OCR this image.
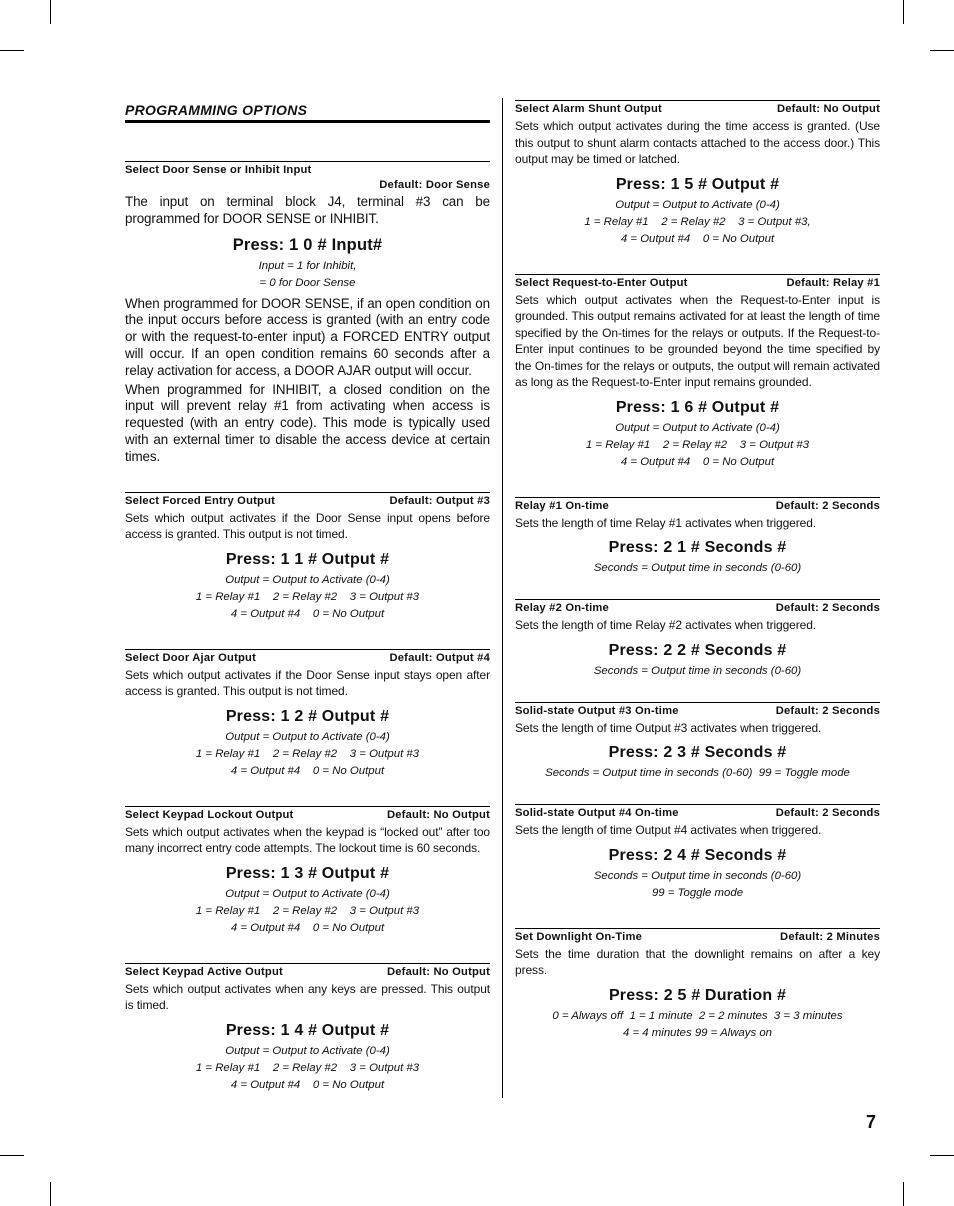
PROGRAMMING OPTIONS
Select Door Sense or Inhibit Input
Default: Door Sense

The input on terminal block J4, terminal #3 can be programmed for DOOR SENSE or INHIBIT.

Press: 1 0 # Input#
Input = 1 for Inhibit,
= 0 for Door Sense

When programmed for DOOR SENSE, if an open condition on the input occurs before access is granted (with an entry code or with the request-to-enter input) a FORCED ENTRY output will occur. If an open condition remains 60 seconds after a relay activation for access, a DOOR AJAR output will occur.

When programmed for INHIBIT, a closed condition on the input will prevent relay #1 from activating when access is requested (with an entry code). This mode is typically used with an external timer to disable the access device at certain times.

Select Forced Entry Output	Default: Output #3

Sets which output activates if the Door Sense input opens before access is granted. This output is not timed.

Press: 1 1 # Output #
Output = Output to Activate (0-4)
1 = Relay #1    2 = Relay #2    3 = Output #3
4 = Output #4    0 = No Output
Select Door Ajar Output	Default: Output #4

Sets which output activates if the Door Sense input stays open after access is granted. This output is not timed.

Press: 1 2 # Output #
Output = Output to Activate (0-4)
1 = Relay #1    2 = Relay #2    3 = Output #3
4 = Output #4    0 = No Output
Select Keypad Lockout Output	Default: No Output

Sets which output activates when the keypad is “locked out” after too many incorrect entry code attempts. The lockout time is 60 seconds.

Press: 1 3 # Output #
Output = Output to Activate (0-4)
1 = Relay #1    2 = Relay #2    3 = Output #3
4 = Output #4    0 = No Output
Select Keypad Active Output	Default: No Output

Sets which output activates when any keys are pressed. This output is timed.

Press: 1 4 # Output #
Output = Output to Activate (0-4)
1 = Relay #1    2 = Relay #2    3 = Output #3
4 = Output #4    0 = No Output
Select Alarm Shunt Output	Default: No Output

Sets which output activates during the time access is granted. (Use this output to shunt alarm contacts attached to the access door.) This output may be timed or latched.

Press: 1 5 # Output #
Output = Output to Activate (0-4)
1 = Relay #1    2 = Relay #2    3 = Output #3,
4 = Output #4    0 = No Output
Select Request-to-Enter Output	Default: Relay #1

Sets which output activates when the Request-to-Enter input is grounded. This output remains activated for at least the length of time specified by the On-times for the relays or outputs. If the Request-to-Enter input continues to be grounded beyond the time specified by the On-times for the relays or outputs, the output will remain activated as long as the Request-to-Enter input remains grounded.

Press: 1 6 # Output #
Output = Output to Activate (0-4)
1 = Relay #1    2 = Relay #2    3 = Output #3
4 = Output #4    0 = No Output
Relay #1 On-time	Default: 2 Seconds

Sets the length of time Relay #1 activates when triggered.

Press: 2 1 # Seconds #
Seconds = Output time in seconds (0-60)
Relay #2 On-time	Default: 2 Seconds

Sets the length of time Relay #2 activates when triggered.

Press: 2 2 # Seconds #
Seconds = Output time in seconds (0-60)
Solid-state Output #3 On-time	Default: 2 Seconds

Sets the length of time Output #3 activates when triggered.

Press: 2 3 # Seconds #
Seconds = Output time in seconds (0-60)  99 = Toggle mode
Solid-state Output #4 On-time	Default: 2 Seconds

Sets the length of time Output #4 activates when triggered.

Press: 2 4 # Seconds #
Seconds = Output time in seconds (0-60)
99 = Toggle mode
Set Downlight On-Time	Default: 2 Minutes

Sets the time duration that the downlight remains on after a key press.

Press: 2 5 # Duration #
0 = Always off  1 = 1 minute  2 = 2 minutes  3 = 3 minutes
4 = 4 minutes 99 = Always on
7
